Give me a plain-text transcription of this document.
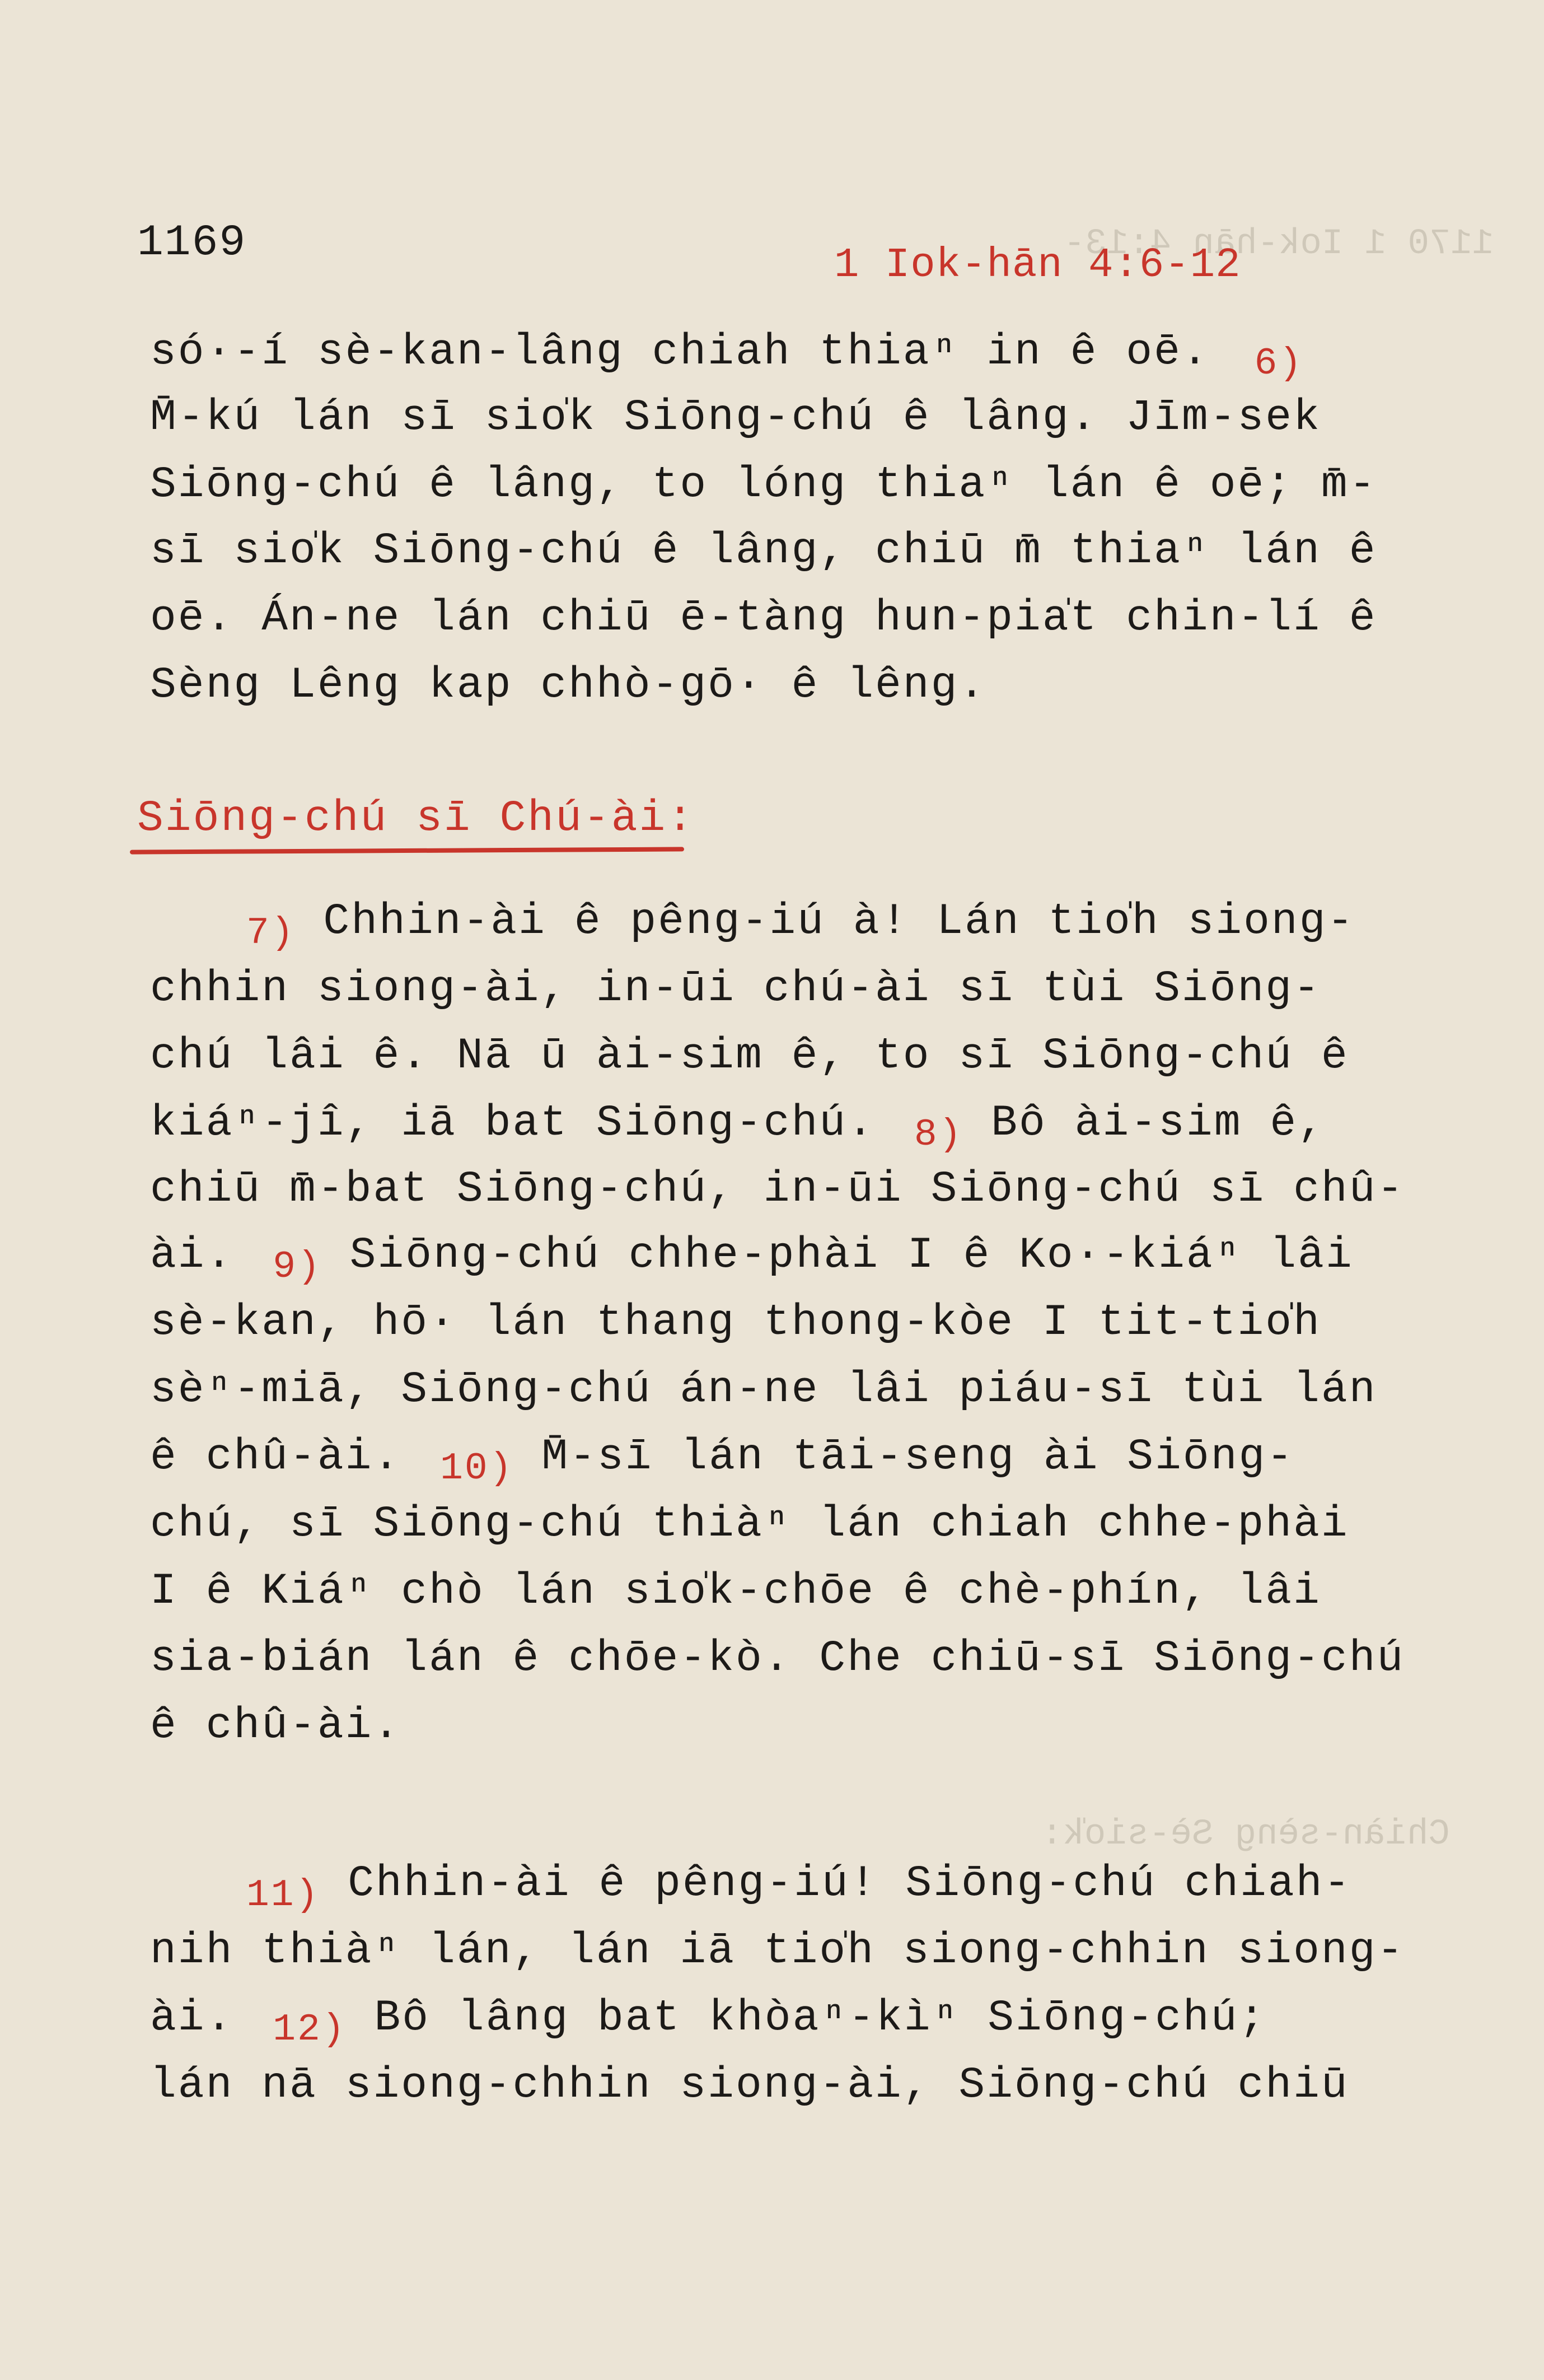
1170 1 Iok-hān 4:13-
Chiàn-sèng Sè-sio̍k:
1169	1 Iok-hān 4:6-12
só·-í sè-kan-lâng chiah thiaⁿ in ê oē. 6)
M̄-kú lán sī sio̍k Siōng-chú ê lâng. Jīm-sek
Siōng-chú ê lâng, to lóng thiaⁿ lán ê oē; m̄-
sī sio̍k Siōng-chú ê lâng, chiū m̄ thiaⁿ lán ê
oē. Án-ne lán chiū ē-tàng hun-pia̍t chin-lí ê
Sèng Lêng kap chhò-gō· ê lêng.
Siōng-chú sī Chú-ài:
7) Chhin-ài ê pêng-iú à! Lán tio̍h siong-
chhin siong-ài, in-ūi chú-ài sī tùi Siōng-
chú lâi ê. Nā ū ài-sim ê, to sī Siōng-chú ê
kiáⁿ-jî, iā bat Siōng-chú. 8) Bô ài-sim ê,
chiū m̄-bat Siōng-chú, in-ūi Siōng-chú sī chû-
ài. 9) Siōng-chú chhe-phài I ê Ko·-kiáⁿ lâi
sè-kan, hō· lán thang thong-kòe I tit-tio̍h
sèⁿ-miā, Siōng-chú án-ne lâi piáu-sī tùi lán
ê chû-ài. 10) M̄-sī lán tāi-seng ài Siōng-
chú, sī Siōng-chú thiàⁿ lán chiah chhe-phài
I ê Kiáⁿ chò lán sio̍k-chōe ê chè-phín, lâi
sia-bián lán ê chōe-kò. Che chiū-sī Siōng-chú
ê chû-ài.
11) Chhin-ài ê pêng-iú! Siōng-chú chiah-
nih thiàⁿ lán, lán iā tio̍h siong-chhin siong-
ài. 12) Bô lâng bat khòaⁿ-kìⁿ Siōng-chú;
lán nā siong-chhin siong-ài, Siōng-chú chiū
